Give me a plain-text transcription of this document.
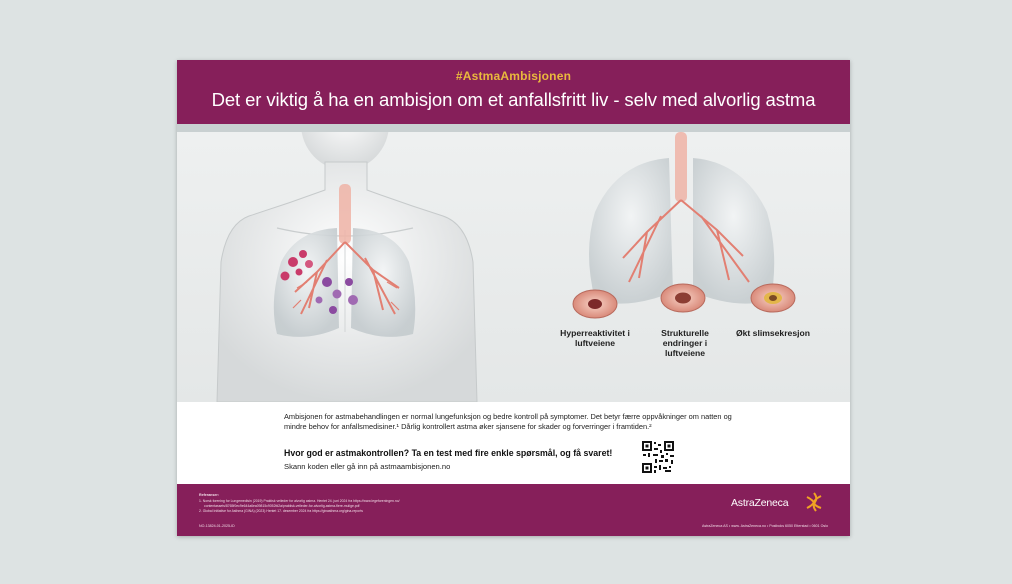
#AstmaAmbisjonen
Det er viktig å ha en ambisjon om et anfallsfritt liv - selv med alvorlig astma
Hyperreaktivitet i luftveiene
Strukturelle endringer i luftveiene
Økt slimsekresjon
Ambisjonen for astmabehandlingen er normal lungefunksjon og bedre kontroll på symptomer. Det betyr færre oppvåkninger om natten og mindre behov for anfallsmedisiner.¹ Dårlig kontrollert astma øker sjansene for skader og forverringer i framtiden.²
Hvor god er astmakontrollen? Ta en test med fire enkle spørsmål, og få svaret!
Skann koden eller gå inn på astmaambisjonen.no
Referanser:
1. Norsk forening for Lungemedisin (2019) Praktisk veileder for alvorlig astma. Hentet 24. juni 2024 fra https://www.legeforeningen.no/
contentassets/8765f0ec9e644a6ea09815c9052fd2a/praktisk-veileder-for-alvorlig-astma-flere-mulige.pdf
2. Global Initiative for Asthma (GINA) (2023) Hentet 17. desember 2024 fra https://ginasthma.org/gina-reports
NO-13824-01-2025-ID
AstraZeneca
AstraZeneca AS • www. AstraZeneca.no • Postboks 6050 Etterstad • 0601 Oslo
